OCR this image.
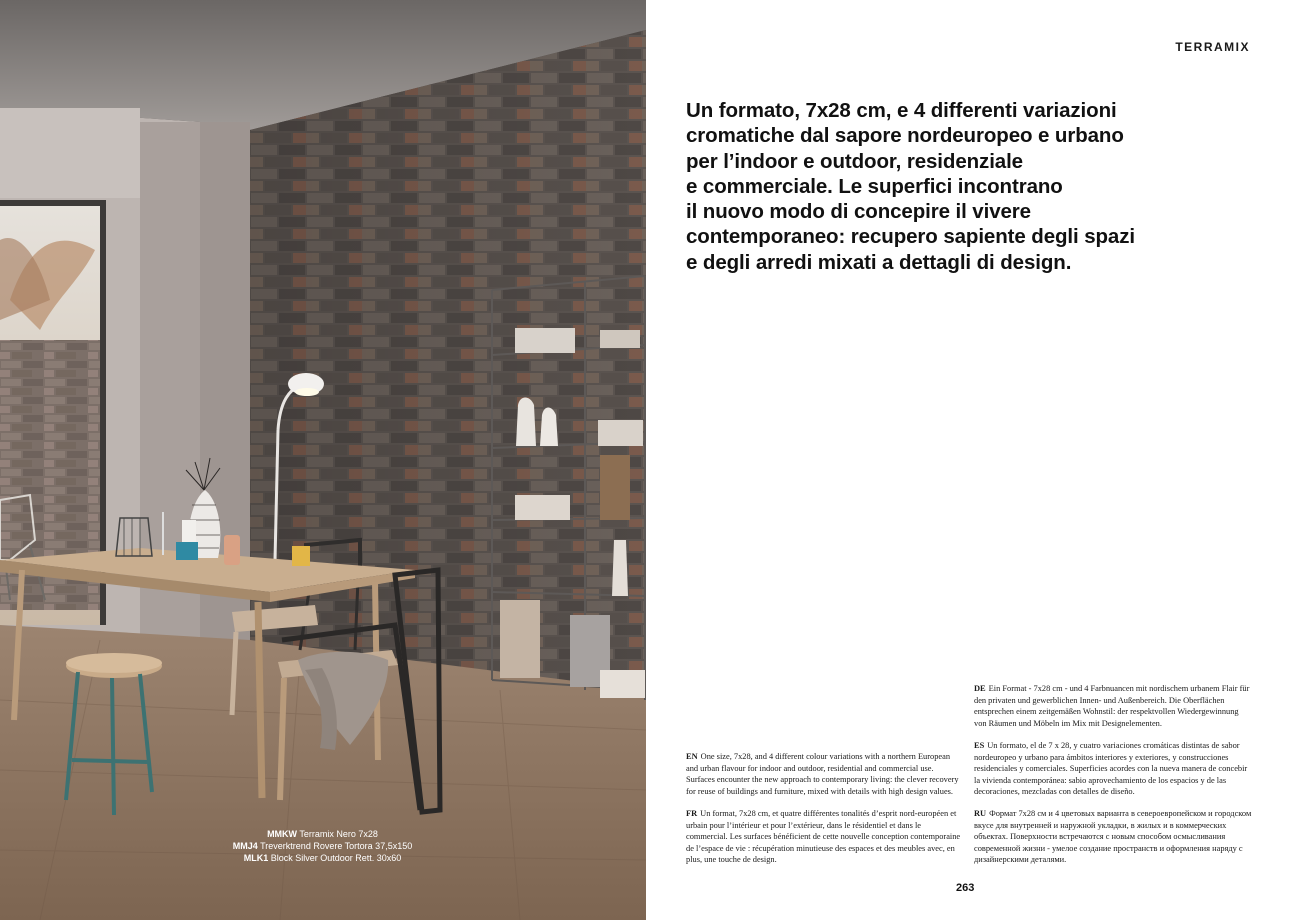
MMKW Terramix Nero 7x28
MMJ4 Treverktrend Rovere Tortora 37,5x150
MLK1 Block Silver Outdoor Rett. 30x60
TERRAMIX
Un formato, 7x28 cm, e 4 differenti variazioni
cromatiche dal sapore nordeuropeo e urbano
per l’indoor e outdoor, residenziale
e commerciale. Le superfici incontrano
il nuovo modo di concepire il vivere
contemporaneo: recupero sapiente degli spazi
e degli arredi mixati a dettagli di design.
DE Ein Format - 7x28 cm - und 4 Farbnuancen mit nordischem urbanem Flair für den privaten und gewerblichen Innen- und Außenbereich. Die Oberflächen entsprechen einem zeitgemäßen Wohnstil: der respektvollen Wiedergewinnung von Räumen und Möbeln im Mix mit Designelementen.
EN One size, 7x28, and 4 different colour variations with a northern European and urban flavour for indoor and outdoor, residential and commercial use. Surfaces encounter the new approach to contemporary living: the clever recovery for reuse of buildings and furniture, mixed with details with high design values.
ES Un formato, el de 7 x 28, y cuatro variaciones cromáticas distintas de sabor nordeuropeo y urbano para ámbitos interiores y exteriores, y construcciones residenciales y comerciales. Superficies acordes con la nueva manera de concebir la vivienda contemporánea: sabio aprovechamiento de los espacios y de las decoraciones, mezcladas con detalles de diseño.
FR Un format, 7x28 cm, et quatre différentes tonalités d’esprit nord-européen et urbain pour l’intérieur et pour l’extérieur, dans le résidentiel et dans le commercial. Les surfaces bénéficient de cette nouvelle conception contemporaine de l’espace de vie : récupération minutieuse des espaces et des meubles avec, en plus, une touche de design.
RU Формат 7x28 см и 4 цветовых варианта в североевропейском и городском вкусе для внутренней и наружной укладки, в жилых и в коммерческих объектах. Поверхности встречаются с новым способом осмысливания современной жизни - умелое создание пространств и оформления наряду с дизайнерскими деталями.
263
